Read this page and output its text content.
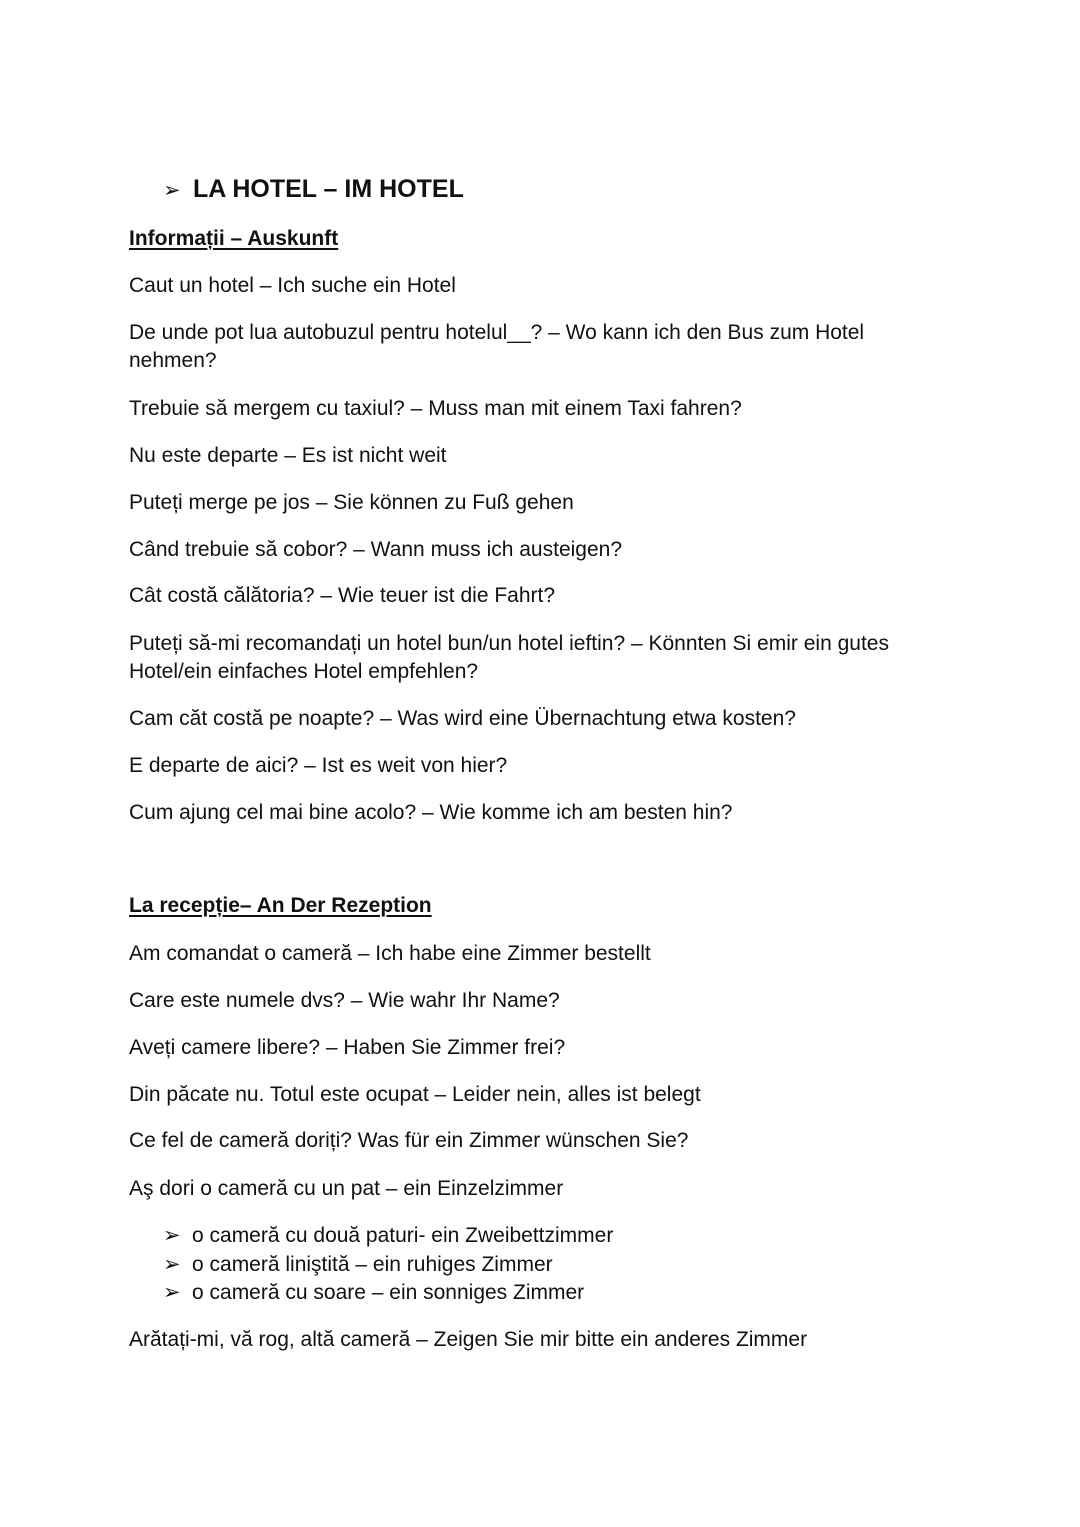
➢ LA HOTEL – IM HOTEL
Informații – Auskunft
Caut un hotel – Ich suche ein Hotel
De unde pot lua autobuzul pentru hotelul__? – Wo kann ich den Bus zum Hotel nehmen?
Trebuie să mergem cu taxiul? – Muss man mit einem Taxi fahren?
Nu este departe – Es ist nicht weit
Puteți merge pe jos – Sie können zu Fuß gehen
Când trebuie să cobor? – Wann muss ich austeigen?
Cât costă călătoria? – Wie teuer ist die Fahrt?
Puteți să-mi recomandați un hotel bun/un hotel ieftin? – Könnten Si emir ein gutes Hotel/ein einfaches Hotel empfehlen?
Cam căt costă pe noapte? – Was wird eine Übernachtung etwa kosten?
E departe de aici? – Ist es weit von hier?
Cum ajung cel mai bine acolo? – Wie komme ich am besten hin?
La recepție– An Der Rezeption
Am comandat o cameră – Ich habe eine Zimmer bestellt
Care este numele dvs? – Wie wahr Ihr Name?
Aveți camere libere? – Haben Sie Zimmer frei?
Din păcate nu. Totul este ocupat – Leider nein, alles ist belegt
Ce fel de cameră doriți? Was für ein Zimmer wünschen Sie?
Aş dori o cameră cu un pat – ein Einzelzimmer
➢ o cameră cu două paturi- ein Zweibettzimmer
➢ o cameră liniştită – ein ruhiges Zimmer
➢ o cameră cu soare – ein sonniges Zimmer
Arătați-mi, vă rog, altă cameră – Zeigen Sie mir bitte ein anderes Zimmer
